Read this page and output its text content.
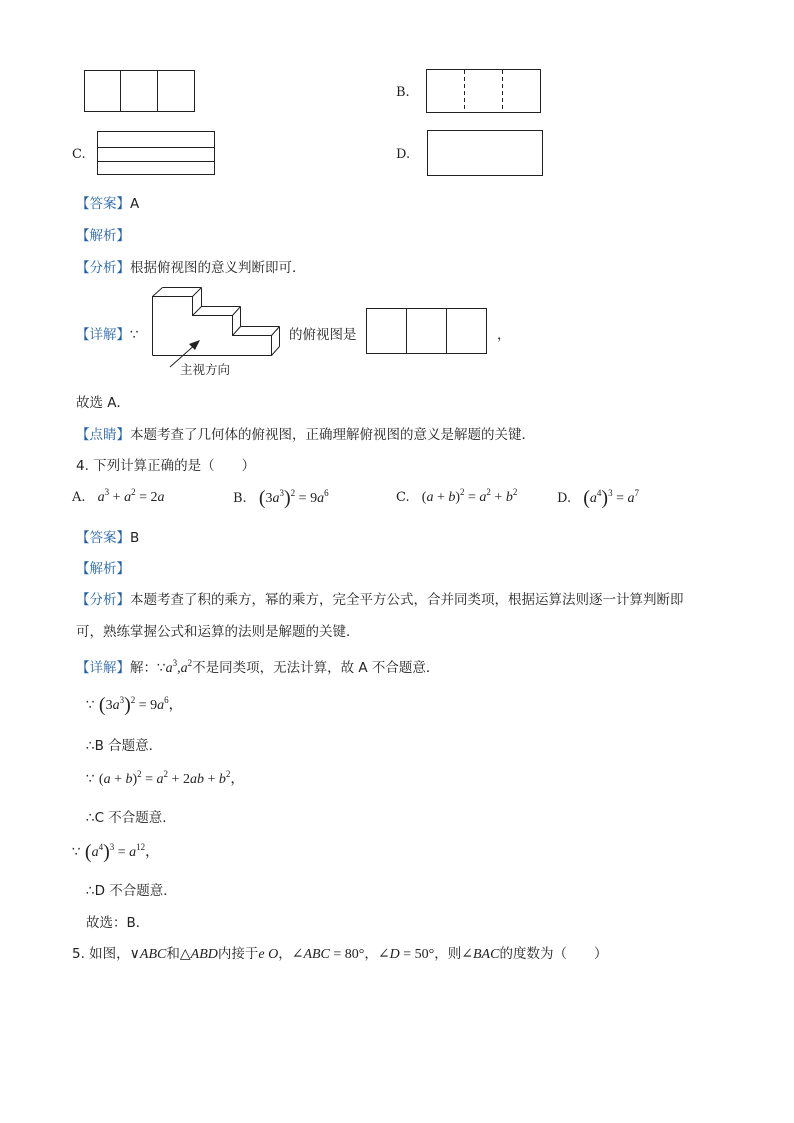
B.
C.	D.
【答案】A
【解析】
【分析】根据俯视图的意义判断即可．
【详解】∵
主视方向
的俯视图是	，
故选 A．
【点睛】本题考查了几何体的俯视图，正确理解俯视图的意义是解题的关键．
4. 下列计算正确的是（　　）
A. $a^3 + a^2 = 2a$	B. $(3a^3)^2 = 9a^6$	C. $(a + b)^2 = a^2 + b^2$	D. $(a^4)^3 = a^7$
【答案】B
【解析】
【分析】本题考查了积的乘方，幂的乘方，完全平方公式，合并同类项，根据运算法则逐一计算判断即
可，熟练掌握公式和运算的法则是解题的关键．
【详解】解：$\because a^3,a^2$不是同类项，无法计算，故 A 不合题意．
∵ $(3a^3)^2 = 9a^6$，
∴B 合题意．
∵ $(a + b)^2 = a^2 + 2ab + b^2$，
∴C 不合题意．
∵ $(a^4)^3 = a^{12}$，
∴D 不合题意．
故选：B．
5. 如图，∨ABC和△ABD内接于e O，∠ABC = 80°，∠D = 50°，则∠BAC的度数为（　　）
